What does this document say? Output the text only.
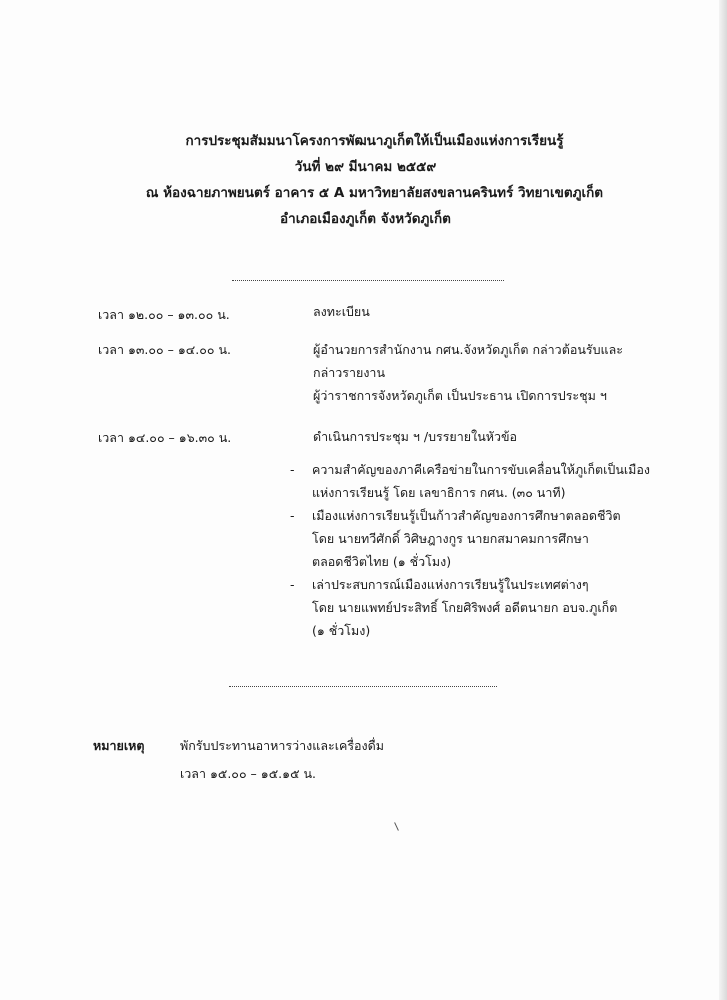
การประชุมสัมมนาโครงการพัฒนาภูเก็ตให้เป็นเมืองแห่งการเรียนรู้
วันที่ ๒๙ มีนาคม ๒๕๕๙
ณ ห้องฉายภาพยนตร์ อาคาร ๕ A มหาวิทยาลัยสงขลานครินทร์ วิทยาเขตภูเก็ต
อำเภอเมืองภูเก็ต จังหวัดภูเก็ต
เวลา ๑๒.๐๐ – ๑๓.๐๐ น.	ลงทะเบียน
เวลา ๑๓.๐๐ – ๑๔.๐๐ น.	ผู้อำนวยการสำนักงาน กศน.จังหวัดภูเก็ต กล่าวต้อนรับและ
กล่าวรายงาน
ผู้ว่าราชการจังหวัดภูเก็ต เป็นประธาน เปิดการประชุม ฯ
เวลา ๑๔.๐๐ – ๑๖.๓๐ น.	ดำเนินการประชุม ฯ /บรรยายในหัวข้อ
- ความสำคัญของภาคีเครือข่ายในการขับเคลื่อนให้ภูเก็ตเป็นเมือง
แห่งการเรียนรู้ โดย เลขาธิการ กศน. (๓๐ นาที)
- เมืองแห่งการเรียนรู้เป็นก้าวสำคัญของการศึกษาตลอดชีวิต
โดย นายทวีศักดิ์ วิศิษฎางกูร นายกสมาคมการศึกษา
ตลอดชีวิตไทย (๑ ชั่วโมง)
- เล่าประสบการณ์เมืองแห่งการเรียนรู้ในประเทศต่างๆ
โดย นายแพทย์ประสิทธิ์ โกยศิริพงศ์ อดีตนายก อบจ.ภูเก็ต
(๑ ชั่วโมง)
หมายเหตุ	พักรับประทานอาหารว่างและเครื่องดื่ม
เวลา ๑๕.๐๐ – ๑๕.๑๕ น.
